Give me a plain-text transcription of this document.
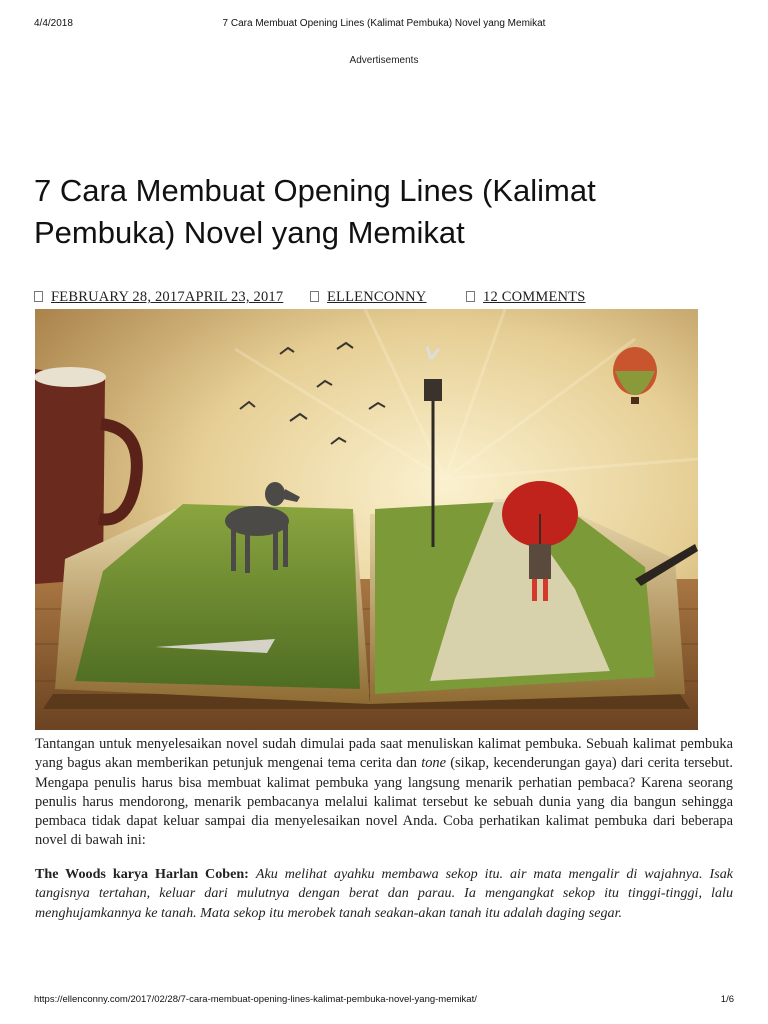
4/4/2018	7 Cara Membuat Opening Lines (Kalimat Pembuka) Novel yang Memikat
Advertisements
7 Cara Membuat Opening Lines (Kalimat Pembuka) Novel yang Memikat
FEBRUARY 28, 2017APRIL 23, 2017	ELLENCONNY	12 COMMENTS

Tantangan untuk menyelesaikan novel sudah dimulai pada saat menuliskan kalimat pembuka. Sebuah kalimat pembuka yang bagus akan memberikan petunjuk mengenai tema cerita dan tone (sikap, kecenderungan gaya) dari cerita tersebut. Mengapa penulis harus bisa membuat kalimat pembuka yang langsung menarik perhatian pembaca? Karena seorang penulis harus mendorong, menarik pembacanya melalui kalimat tersebut ke sebuah dunia yang dia bangun sehingga pembaca tidak dapat keluar sampai dia menyelesaikan novel Anda. Coba perhatikan kalimat pembuka dari beberapa novel di bawah ini:

The Woods karya Harlan Coben: Aku melihat ayahku membawa sekop itu. air mata mengalir di wajahnya. Isak tangisnya tertahan, keluar dari mulutnya dengan berat dan parau. Ia mengangkat sekop itu tinggi-tinggi, lalu menghujamkannya ke tanah. Mata sekop itu merobek tanah seakan-akan tanah itu adalah daging segar.

https://ellenconny.com/2017/02/28/7-cara-membuat-opening-lines-kalimat-pembuka-novel-yang-memikat/	1/6
